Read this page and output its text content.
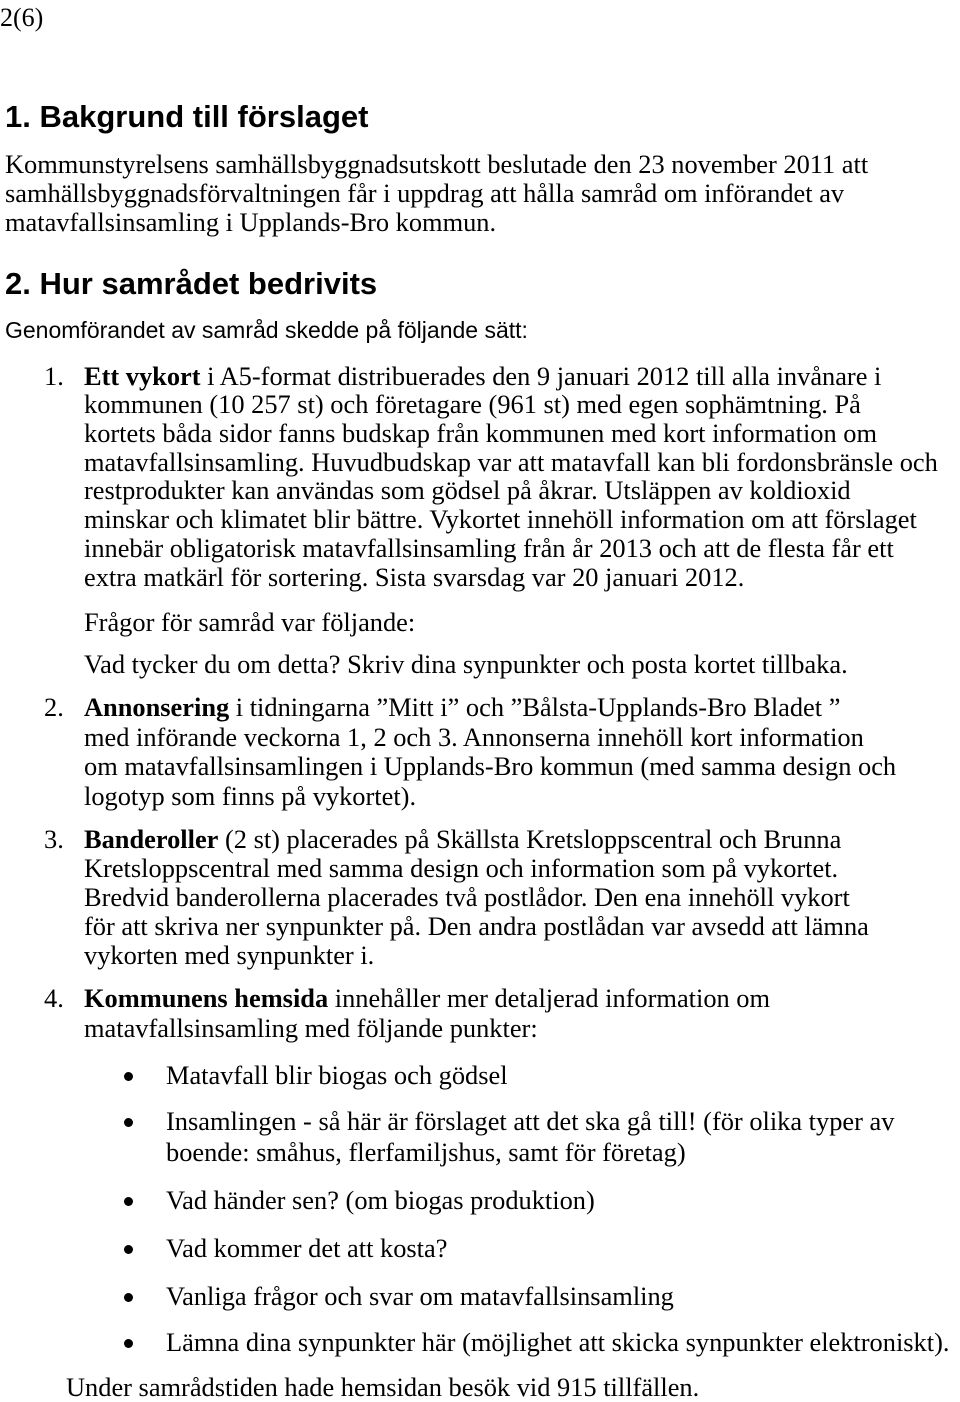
2(6)
1. Bakgrund till förslaget
Kommunstyrelsens samhällsbyggnadsutskott beslutade den 23 november 2011 att
samhällsbyggnadsförvaltningen får i uppdrag att hålla samråd om införandet av
matavfallsinsamling i Upplands-Bro kommun.
2. Hur samrådet bedrivits
Genomförandet av samråd skedde på följande sätt:
1. Ett vykort i A5-format distribuerades den 9 januari 2012 till alla invånare i
kommunen (10 257 st) och företagare (961 st) med egen sophämtning. På
kortets båda sidor fanns budskap från kommunen med kort information om
matavfallsinsamling. Huvudbudskap var att matavfall kan bli fordonsbränsle och
restprodukter kan användas som gödsel på åkrar. Utsläppen av koldioxid
minskar och klimatet blir bättre. Vykortet innehöll information om att förslaget
innebär obligatorisk matavfallsinsamling från år 2013 och att de flesta får ett
extra matkärl för sortering. Sista svarsdag var 20 januari 2012.
Frågor för samråd var följande:
Vad tycker du om detta? Skriv dina synpunkter och posta kortet tillbaka.
2. Annonsering i tidningarna ”Mitt i” och ”Bålsta-Upplands-Bro Bladet ”
med införande veckorna 1, 2 och 3. Annonserna innehöll kort information
om matavfallsinsamlingen i Upplands-Bro kommun (med samma design och
logotyp som finns på vykortet).
3. Banderoller (2 st) placerades på Skällsta Kretsloppscentral och Brunna
Kretsloppscentral med samma design och information som på vykortet.
Bredvid banderollerna placerades två postlådor. Den ena innehöll vykort
för att skriva ner synpunkter på. Den andra postlådan var avsedd att lämna
vykorten med synpunkter i.
4. Kommunens hemsida innehåller mer detaljerad information om
matavfallsinsamling med följande punkter:
Matavfall blir biogas och gödsel
Insamlingen - så här är förslaget att det ska gå till! (för olika typer av
boende: småhus, flerfamiljshus, samt för företag)
Vad händer sen? (om biogas produktion)
Vad kommer det att kosta?
Vanliga frågor och svar om matavfallsinsamling
Lämna dina synpunkter här (möjlighet att skicka synpunkter elektroniskt).
Under samrådstiden hade hemsidan besök vid 915 tillfällen.
